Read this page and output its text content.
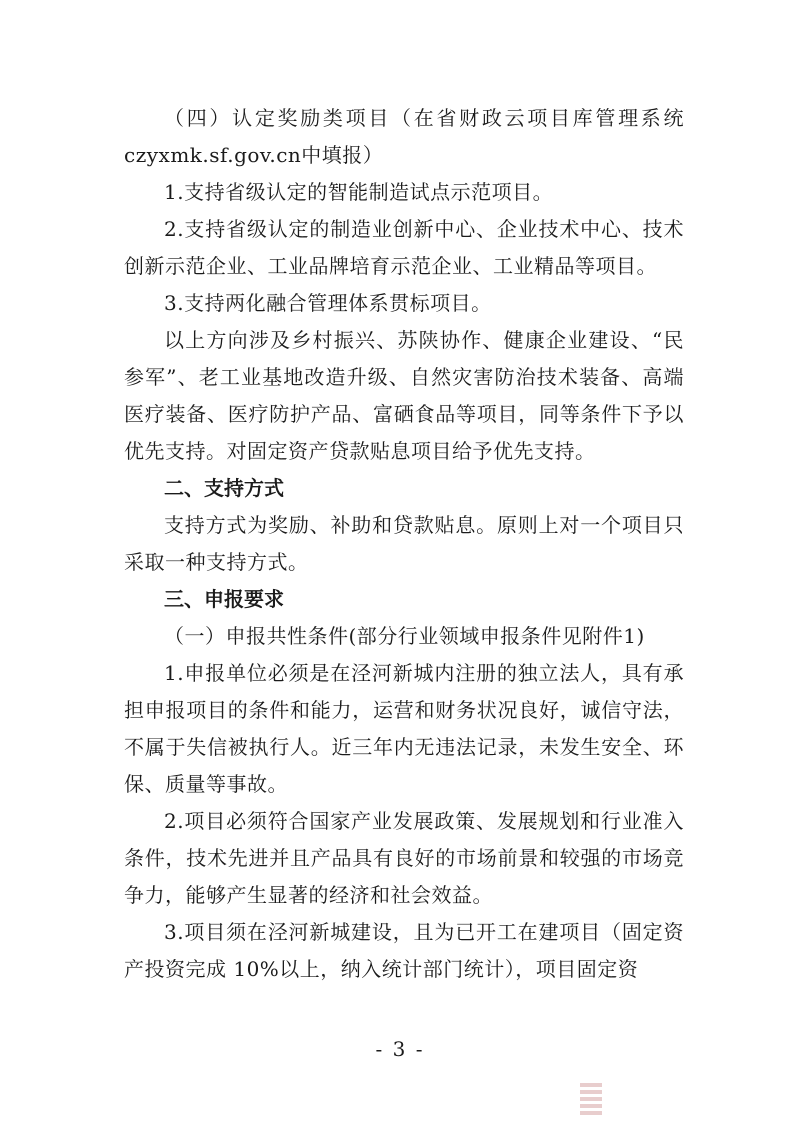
（四）认定奖励类项目（在省财政云项目库管理系统czyxmk.sf.gov.cn中填报）

1.支持省级认定的智能制造试点示范项目。

2.支持省级认定的制造业创新中心、企业技术中心、技术创新示范企业、工业品牌培育示范企业、工业精品等项目。

3.支持两化融合管理体系贯标项目。

以上方向涉及乡村振兴、苏陕协作、健康企业建设、“民参军”、老工业基地改造升级、自然灾害防治技术装备、高端医疗装备、医疗防护产品、富硒食品等项目，同等条件下予以优先支持。对固定资产贷款贴息项目给予优先支持。

二、支持方式

支持方式为奖励、补助和贷款贴息。原则上对一个项目只采取一种支持方式。

三、申报要求

（一）申报共性条件(部分行业领域申报条件见附件1)

1.申报单位必须是在泾河新城内注册的独立法人，具有承担申报项目的条件和能力，运营和财务状况良好，诚信守法，不属于失信被执行人。近三年内无违法记录，未发生安全、环保、质量等事故。

2.项目必须符合国家产业发展政策、发展规划和行业准入条件，技术先进并且产品具有良好的市场前景和较强的市场竞争力，能够产生显著的经济和社会效益。

3.项目须在泾河新城建设，且为已开工在建项目（固定资产投资完成 10%以上，纳入统计部门统计），项目固定资

- 3 -
